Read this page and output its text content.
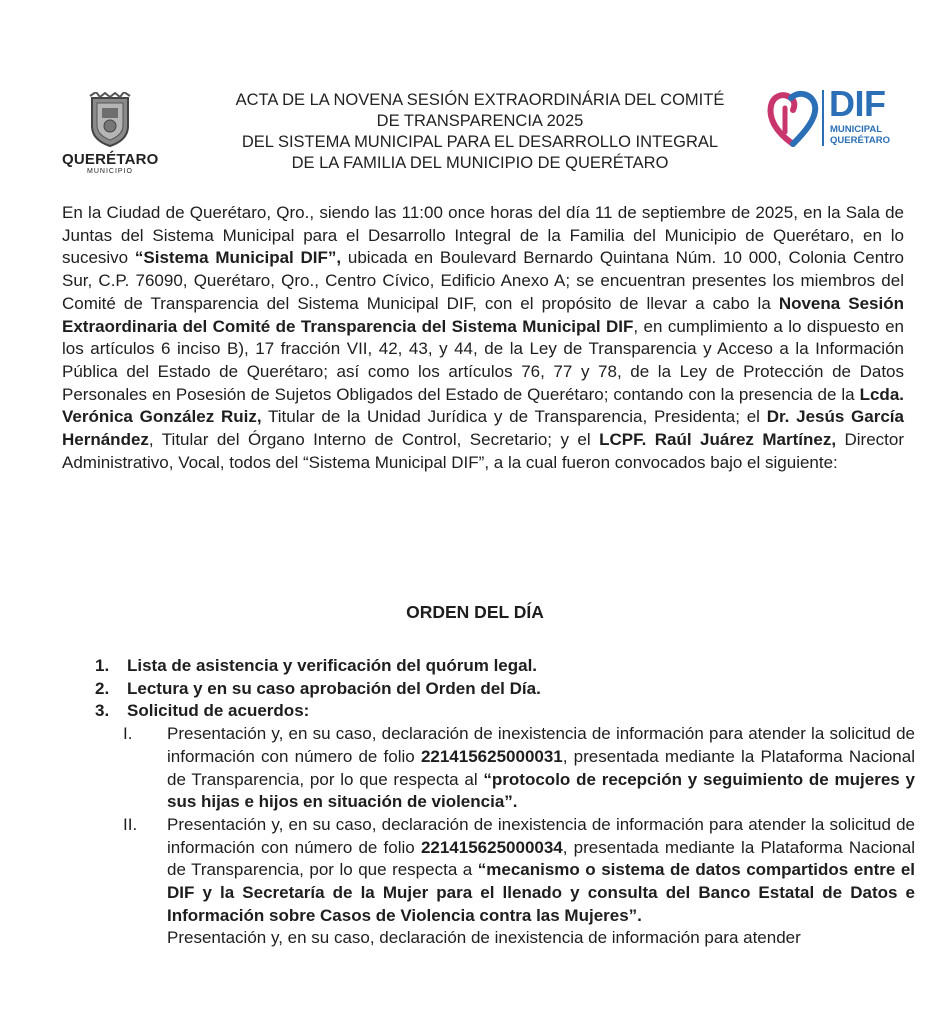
QUERÉTARO
MUNICIPIO
ACTA DE LA NOVENA SESIÓN EXTRAORDINÁRIA DEL COMITÉ
DE TRANSPARENCIA 2025
DEL SISTEMA MUNICIPAL PARA EL DESARROLLO INTEGRAL
DE LA FAMILIA DEL MUNICIPIO DE QUERÉTARO
DIF
MUNICIPAL
QUERÉTARO
En la Ciudad de Querétaro, Qro., siendo las 11:00 once horas del día 11 de septiembre de 2025, en la Sala de Juntas del Sistema Municipal para el Desarrollo Integral de la Familia del Municipio de Querétaro, en lo sucesivo “Sistema Municipal DIF”, ubicada en Boulevard Bernardo Quintana Núm. 10 000, Colonia Centro Sur, C.P. 76090, Querétaro, Qro., Centro Cívico, Edificio Anexo A; se encuentran presentes los miembros del Comité de Transparencia del Sistema Municipal DIF, con el propósito de llevar a cabo la Novena Sesión Extraordinaria del Comité de Transparencia del Sistema Municipal DIF, en cumplimiento a lo dispuesto en los artículos 6 inciso B), 17 fracción VII, 42, 43, y 44, de la Ley de Transparencia y Acceso a la Información Pública del Estado de Querétaro; así como los artículos 76, 77 y 78, de la Ley de Protección de Datos Personales en Posesión de Sujetos Obligados del Estado de Querétaro; contando con la presencia de la Lcda. Verónica González Ruiz, Titular de la Unidad Jurídica y de Transparencia, Presidenta; el Dr. Jesús García Hernández, Titular del Órgano Interno de Control, Secretario; y el LCPF. Raúl Juárez Martínez, Director Administrativo, Vocal, todos del “Sistema Municipal DIF”, a la cual fueron convocados bajo el siguiente:
ORDEN DEL DÍA
1.	Lista de asistencia y verificación del quórum legal.
2.	Lectura y en su caso aprobación del Orden del Día.
3.	Solicitud de acuerdos:
I.	Presentación y, en su caso, declaración de inexistencia de información para atender la solicitud de información con número de folio 221415625000031, presentada mediante la Plataforma Nacional de Transparencia, por lo que respecta al “protocolo de recepción y seguimiento de mujeres y sus hijas e hijos en situación de violencia”.
II.	Presentación y, en su caso, declaración de inexistencia de información para atender la solicitud de información con número de folio 221415625000034, presentada mediante la Plataforma Nacional de Transparencia, por lo que respecta a “mecanismo o sistema de datos compartidos entre el DIF y la Secretaría de la Mujer para el llenado y consulta del Banco Estatal de Datos e Información sobre Casos de Violencia contra las Mujeres”.
Presentación y, en su caso, declaración de inexistencia de información para atender
